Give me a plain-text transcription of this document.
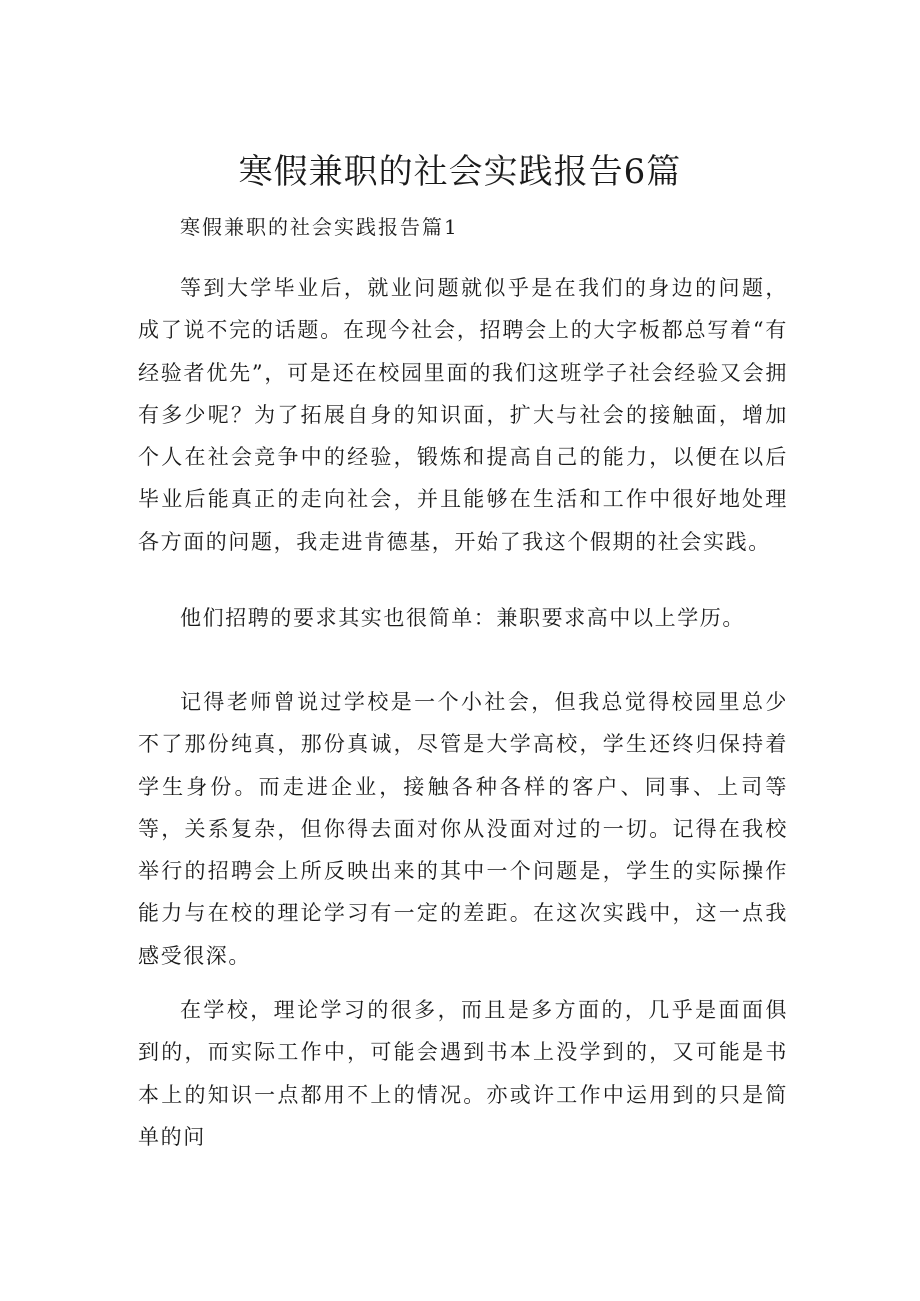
寒假兼职的社会实践报告6篇

寒假兼职的社会实践报告篇1

等到大学毕业后，就业问题就似乎是在我们的身边的问题，成了说不完的话题。在现今社会，招聘会上的大字板都总写着“有经验者优先”，可是还在校园里面的我们这班学子社会经验又会拥有多少呢？为了拓展自身的知识面，扩大与社会的接触面，增加个人在社会竞争中的经验，锻炼和提高自己的能力，以便在以后毕业后能真正的走向社会，并且能够在生活和工作中很好地处理各方面的问题，我走进肯德基，开始了我这个假期的社会实践。

他们招聘的要求其实也很简单：兼职要求高中以上学历。

记得老师曾说过学校是一个小社会，但我总觉得校园里总少不了那份纯真，那份真诚，尽管是大学高校，学生还终归保持着学生身份。而走进企业，接触各种各样的客户、同事、上司等等，关系复杂，但你得去面对你从没面对过的一切。记得在我校举行的招聘会上所反映出来的其中一个问题是，学生的实际操作能力与在校的理论学习有一定的差距。在这次实践中，这一点我感受很深。

在学校，理论学习的很多，而且是多方面的，几乎是面面俱到的，而实际工作中，可能会遇到书本上没学到的，又可能是书本上的知识一点都用不上的情况。亦或许工作中运用到的只是简单的问
